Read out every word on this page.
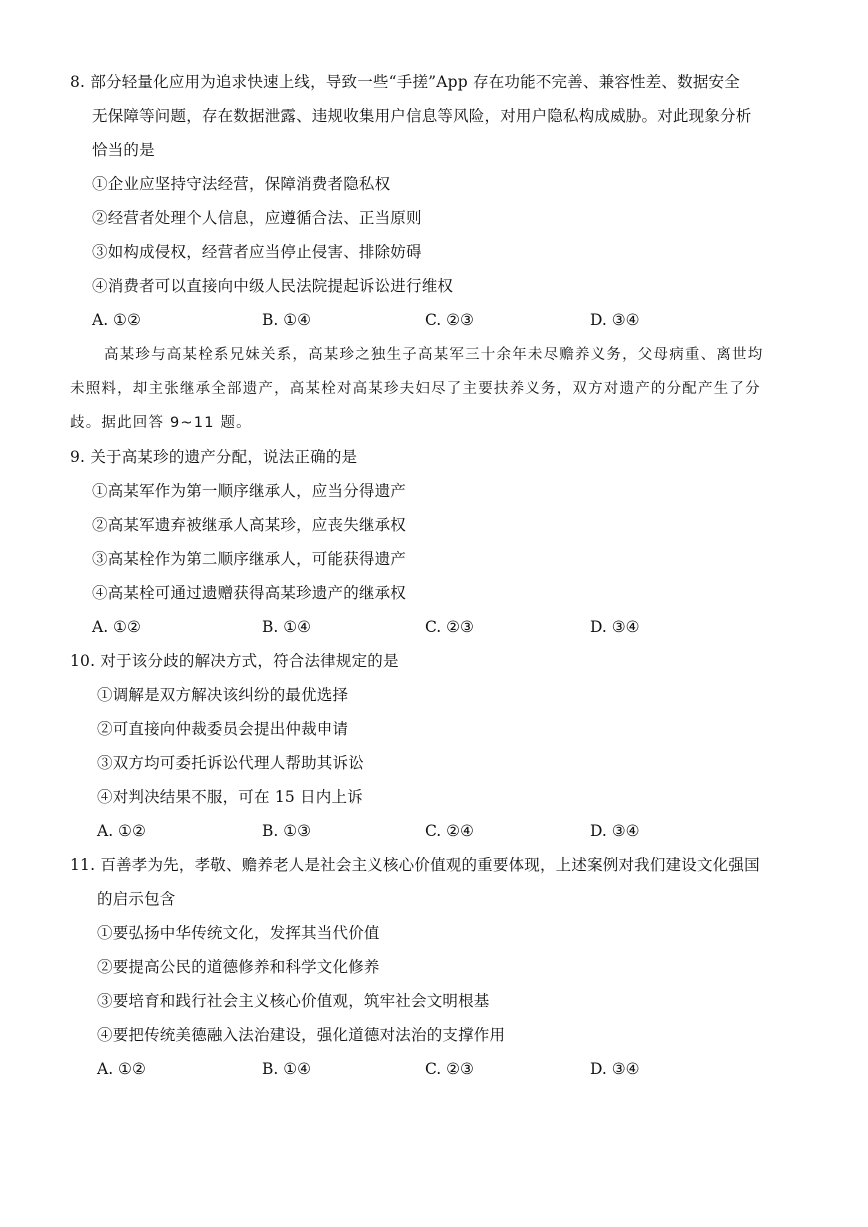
8. 部分轻量化应用为追求快速上线，导致一些“手搓”App 存在功能不完善、兼容性差、数据安全
无保障等问题，存在数据泄露、违规收集用户信息等风险，对用户隐私构成威胁。对此现象分析
恰当的是
①企业应坚持守法经营，保障消费者隐私权
②经营者处理个人信息，应遵循合法、正当原则
③如构成侵权，经营者应当停止侵害、排除妨碍
④消费者可以直接向中级人民法院提起诉讼进行维权
A. ①②	B. ①④	C. ②③	D. ③④
高某珍与高某栓系兄妹关系，高某珍之独生子高某军三十余年未尽赡养义务，父母病重、离世均
未照料，却主张继承全部遗产，高某栓对高某珍夫妇尽了主要扶养义务，双方对遗产的分配产生了分
歧。据此回答 9~11 题。
9. 关于高某珍的遗产分配，说法正确的是
①高某军作为第一顺序继承人，应当分得遗产
②高某军遗弃被继承人高某珍，应丧失继承权
③高某栓作为第二顺序继承人，可能获得遗产
④高某栓可通过遗赠获得高某珍遗产的继承权
A. ①②	B. ①④	C. ②③	D. ③④
10. 对于该分歧的解决方式，符合法律规定的是
①调解是双方解决该纠纷的最优选择
②可直接向仲裁委员会提出仲裁申请
③双方均可委托诉讼代理人帮助其诉讼
④对判决结果不服，可在 15 日内上诉
A. ①②	B. ①③	C. ②④	D. ③④
11. 百善孝为先，孝敬、赡养老人是社会主义核心价值观的重要体现，上述案例对我们建设文化强国
的启示包含
①要弘扬中华传统文化，发挥其当代价值
②要提高公民的道德修养和科学文化修养
③要培育和践行社会主义核心价值观，筑牢社会文明根基
④要把传统美德融入法治建设，强化道德对法治的支撑作用
A. ①②	B. ①④	C. ②③	D. ③④
